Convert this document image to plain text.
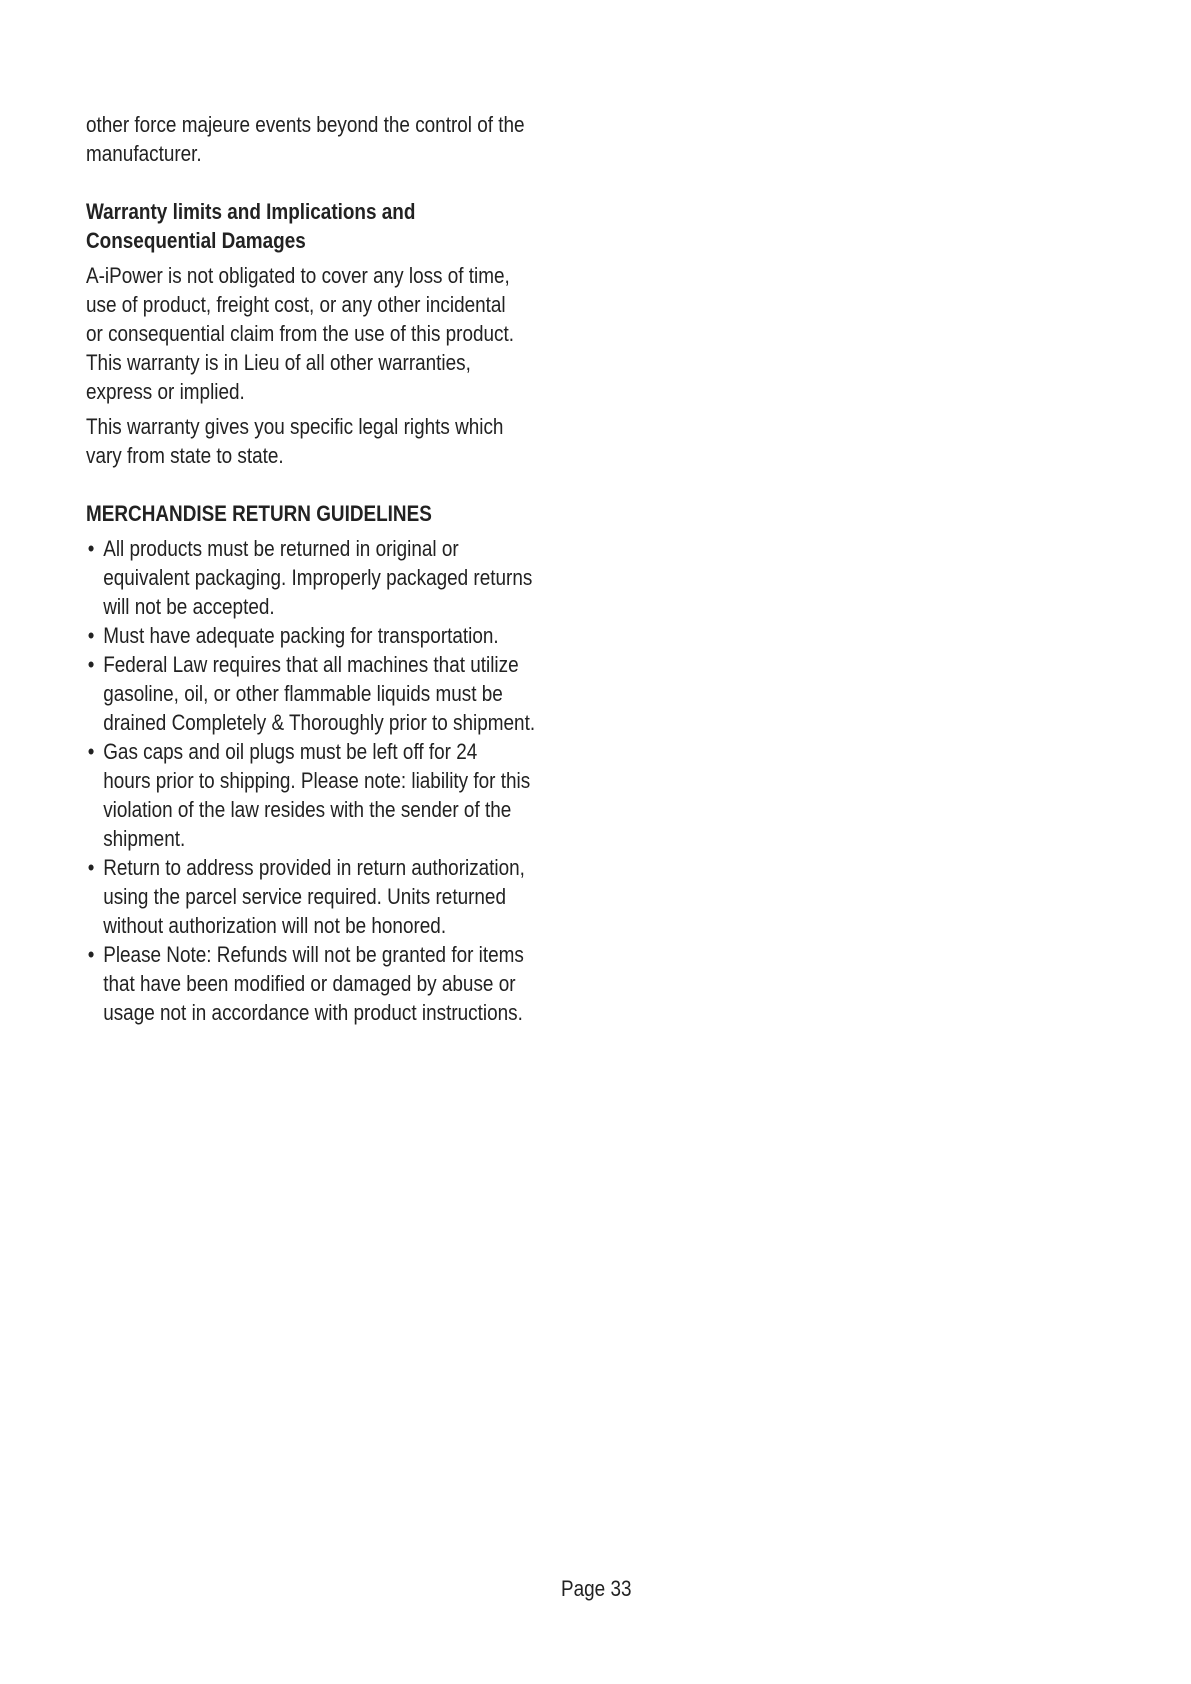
other force majeure events beyond the control of the
manufacturer.

Warranty limits and Implications and
Consequential Damages

A-iPower is not obligated to cover any loss of time,
use of product, freight cost, or any other incidental
or consequential claim from the use of this product.
This warranty is in Lieu of all other warranties,
express or implied.

This warranty gives you specific legal rights which
vary from state to state.

MERCHANDISE RETURN GUIDELINES
• All products must be returned in original or
equivalent packaging. Improperly packaged returns
will not be accepted.
• Must have adequate packing for transportation.
• Federal Law requires that all machines that utilize
gasoline, oil, or other flammable liquids must be
drained Completely & Thoroughly prior to shipment.
• Gas caps and oil plugs must be left off for 24
hours prior to shipping. Please note: liability for this
violation of the law resides with the sender of the
shipment.
• Return to address provided in return authorization,
using the parcel service required. Units returned
without authorization will not be honored.
• Please Note: Refunds will not be granted for items
that have been modified or damaged by abuse or
usage not in accordance with product instructions.
Page 33
